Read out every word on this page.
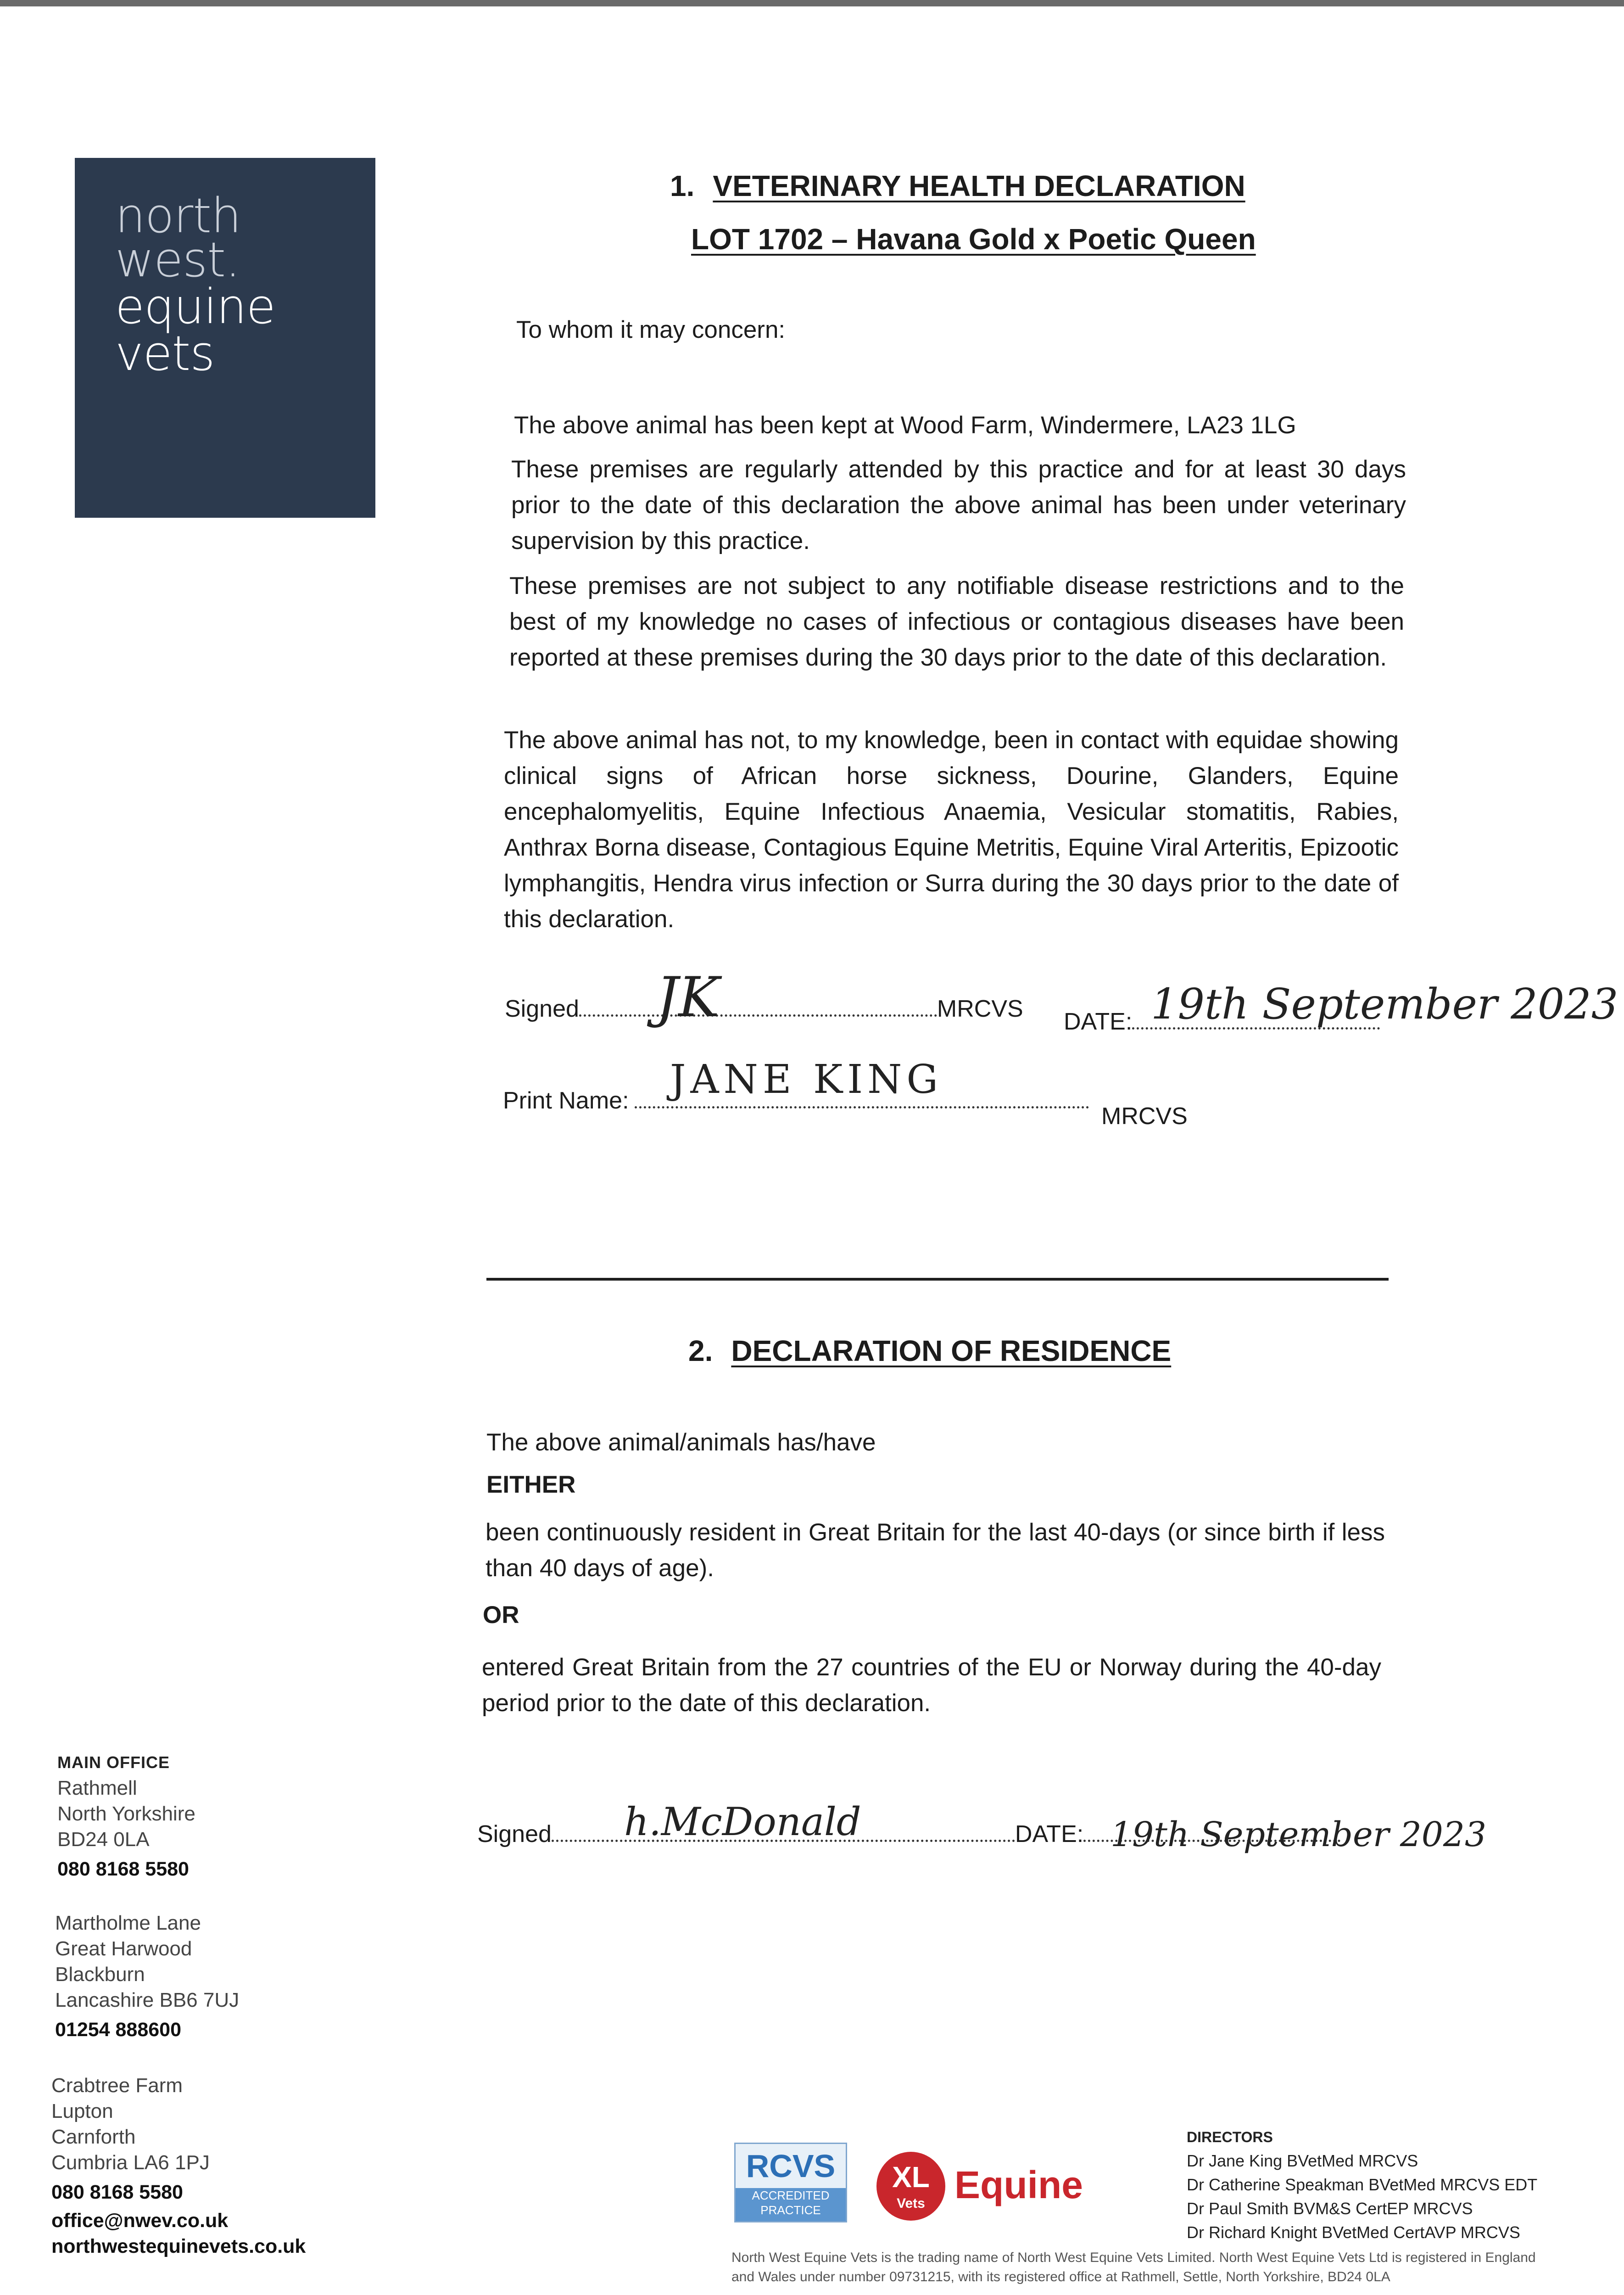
north
west.
equine
vets
1. VETERINARY HEALTH DECLARATION
LOT 1702 – Havana Gold x Poetic Queen
To whom it may concern:
The above animal has been kept at Wood Farm, Windermere, LA23 1LG
These premises are regularly attended by this practice and for at least 30 days prior to the date of this declaration the above animal has been under veterinary supervision by this practice.
These premises are not subject to any notifiable disease restrictions and to the best of my knowledge no cases of infectious or contagious diseases have been reported at these premises during the 30 days prior to the date of this declaration.
The above animal has not, to my knowledge, been in contact with equidae showing clinical signs of African horse sickness, Dourine, Glanders, Equine encephalomyelitis, Equine Infectious Anaemia, Vesicular stomatitis, Rabies, Anthrax Borna disease, Contagious Equine Metritis, Equine Viral Arteritis, Epizootic lymphangitis, Hendra virus infection or Surra during the 30 days prior to the date of this declaration.
Signed	MRCVS
JK	DATE: 19th September 2023
Print Name:
MRCVS
JANE KING
2. DECLARATION OF RESIDENCE
The above animal/animals has/have
EITHER
been continuously resident in Great Britain for the last 40-days (or since birth if less than 40 days of age).
OR
entered Great Britain from the 27 countries of the EU or Norway during the 40-day period prior to the date of this declaration.
Signed	DATE:
h.McDonald	19th September 2023
MAIN OFFICE
Rathmell
North Yorkshire
BD24 0LA
080 8168 5580
Martholme Lane
Great Harwood
Blackburn
Lancashire BB6 7UJ
01254 888600
Crabtree Farm
Lupton
Carnforth
Cumbria LA6 1PJ
080 8168 5580
office@nwev.co.uk
northwestequinevets.co.uk
RCVS
ACCREDITED PRACTICE
XL
Vets Equine
DIRECTORS
Dr Jane King BVetMed MRCVS
Dr Catherine Speakman BVetMed MRCVS EDT
Dr Paul Smith BVM&S CertEP MRCVS
Dr Richard Knight BVetMed CertAVP MRCVS
North West Equine Vets is the trading name of North West Equine Vets Limited. North West Equine Vets Ltd is registered in England and Wales under number 09731215, with its registered office at Rathmell, Settle, North Yorkshire, BD24 0LA
